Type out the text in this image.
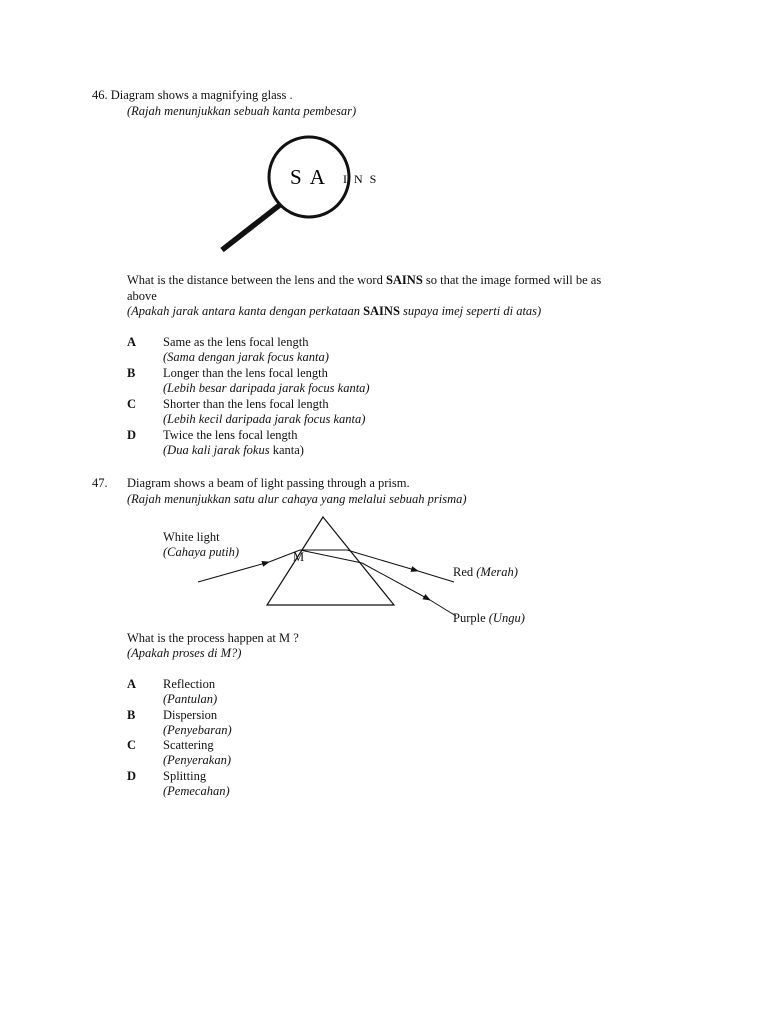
46. Diagram shows a magnifying glass .
(Rajah menunjukkan sebuah kanta pembesar)
S A I N S
What is the distance between the lens and the word SAINS so that the image formed will be as
above
(Apakah jarak antara kanta dengan perkataan SAINS supaya imej seperti di atas)
A Same as the lens focal length
(Sama dengan jarak focus kanta)
B Longer than the lens focal length
(Lebih besar daripada jarak focus kanta)
C Shorter than the lens focal length
(Lebih kecil daripada jarak focus kanta)
D Twice the lens focal length
(Dua kali jarak fokus kanta)
47. Diagram shows a beam of light passing through a prism.
(Rajah menunjukkan satu alur cahaya yang melalui sebuah prisma)
White light
(Cahaya putih)	M
Red (Merah)
Purple (Ungu)
What is the process happen at M ?
(Apakah proses di M?)
A Reflection
(Pantulan)
B Dispersion
(Penyebaran)
C Scattering
(Penyerakan)
D Splitting
(Pemecahan)
